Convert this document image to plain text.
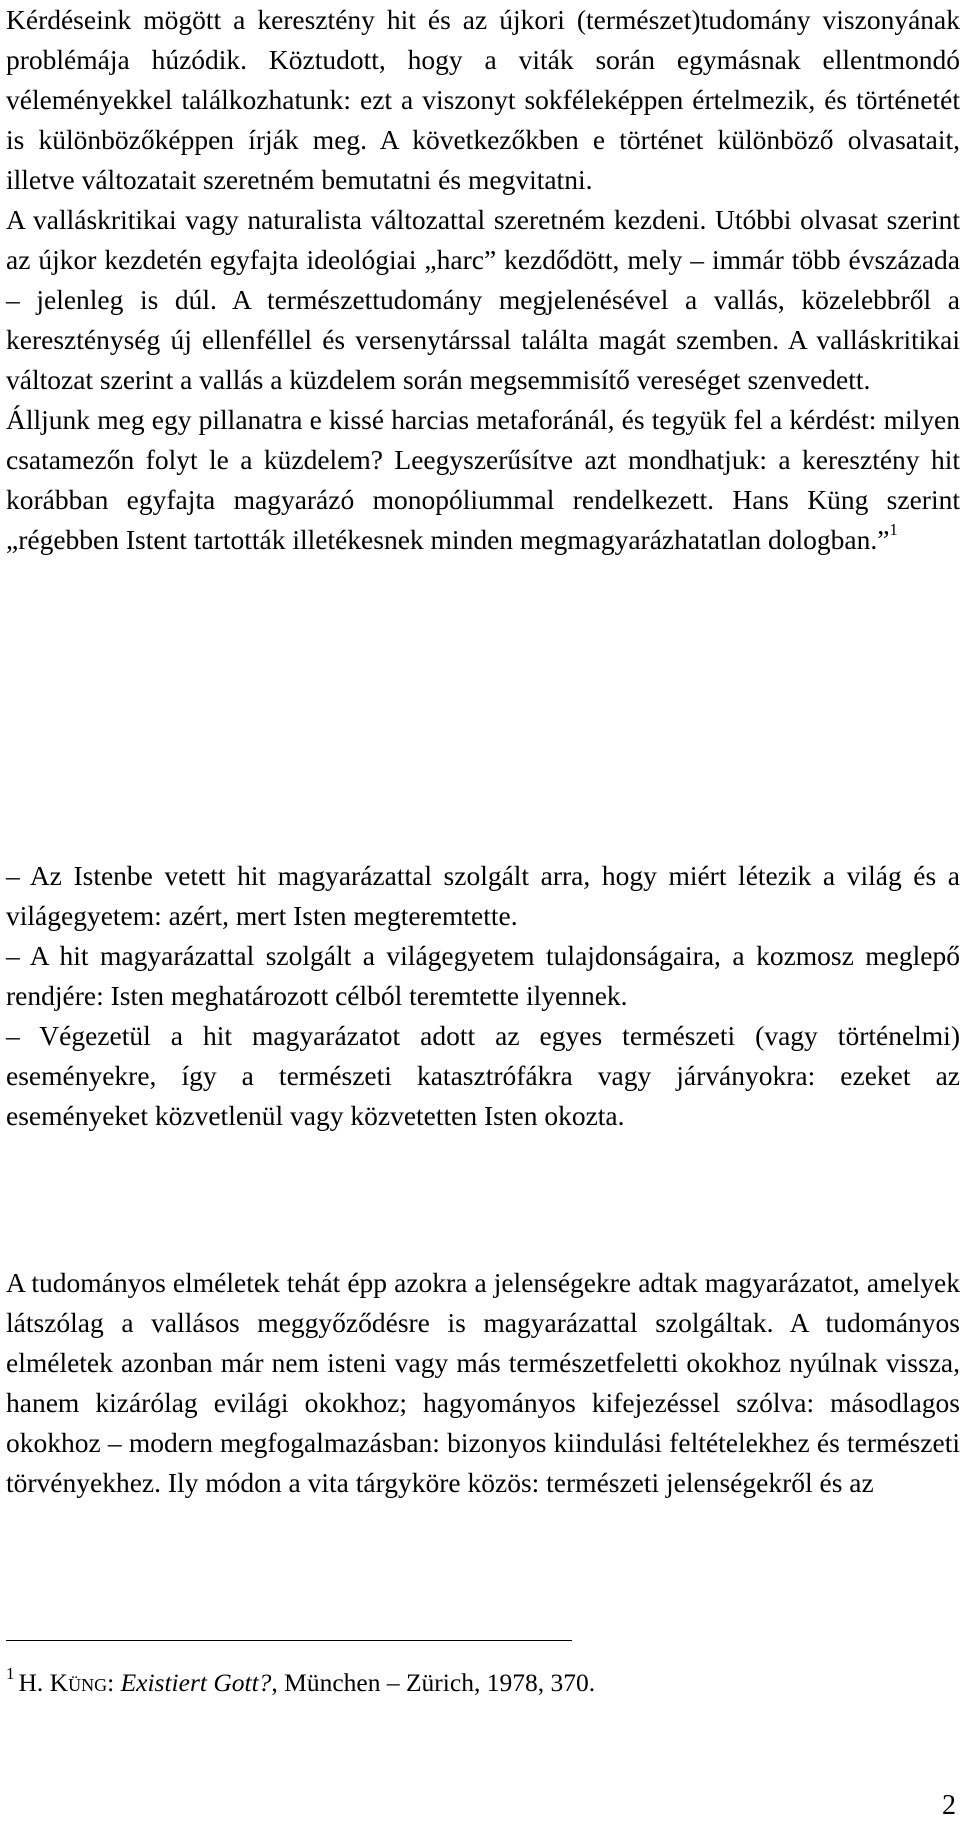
Kérdéseink mögött a keresztény hit és az újkori (természet)tudomány viszonyának problémája húzódik. Köztudott, hogy a viták során egymásnak ellentmondó véleményekkel találkozhatunk: ezt a viszonyt sokféleképpen értelmezik, és történetét is különbözőképpen írják meg. A következőkben e történet különböző olvasatait, illetve változatait szeretném bemutatni és megvitatni.

A valláskritikai vagy naturalista változattal szeretném kezdeni. Utóbbi olvasat szerint az újkor kezdetén egyfajta ideológiai „harc” kezdődött, mely – immár több évszázada – jelenleg is dúl. A természettudomány megjelenésével a vallás, közelebbről a kereszténység új ellenféllel és versenytárssal találta magát szemben. A valláskritikai változat szerint a vallás a küzdelem során megsemmisítő vereséget szenvedett.

Álljunk meg egy pillanatra e kissé harcias metaforánál, és tegyük fel a kérdést: milyen csatamezőn folyt le a küzdelem? Leegyszerűsítve azt mondhatjuk: a keresztény hit korábban egyfajta magyarázó monopóliummal rendelkezett. Hans Küng szerint „régebben Istent tartották illetékesnek minden megmagyarázhatatlan dologban.”$^1$

– Az Istenbe vetett hit magyarázattal szolgált arra, hogy miért létezik a világ és a világegyetem: azért, mert Isten megteremtette.

– A hit magyarázattal szolgált a világegyetem tulajdonságaira, a kozmosz meglepő rendjére: Isten meghatározott célból teremtette ilyennek.

– Végezetül a hit magyarázatot adott az egyes természeti (vagy történelmi) eseményekre, így a természeti katasztrófákra vagy járványokra: ezeket az eseményeket közvetlenül vagy közvetetten Isten okozta.

A tudományos elméletek tehát épp azokra a jelenségekre adtak magyarázatot, amelyek látszólag a vallásos meggyőződésre is magyarázattal szolgáltak. A tudományos elméletek azonban már nem isteni vagy más természetfeletti okokhoz nyúlnak vissza, hanem kizárólag evilági okokhoz; hagyományos kifejezéssel szólva: másodlagos okokhoz – modern megfogalmazásban: bizonyos kiindulási feltételekhez és természeti törvényekhez. Ily módon a vita tárgyköre közös: természeti jelenségekről és az

$^1$ H. Küng: Existiert Gott?, München – Zürich, 1978, 370.
2
